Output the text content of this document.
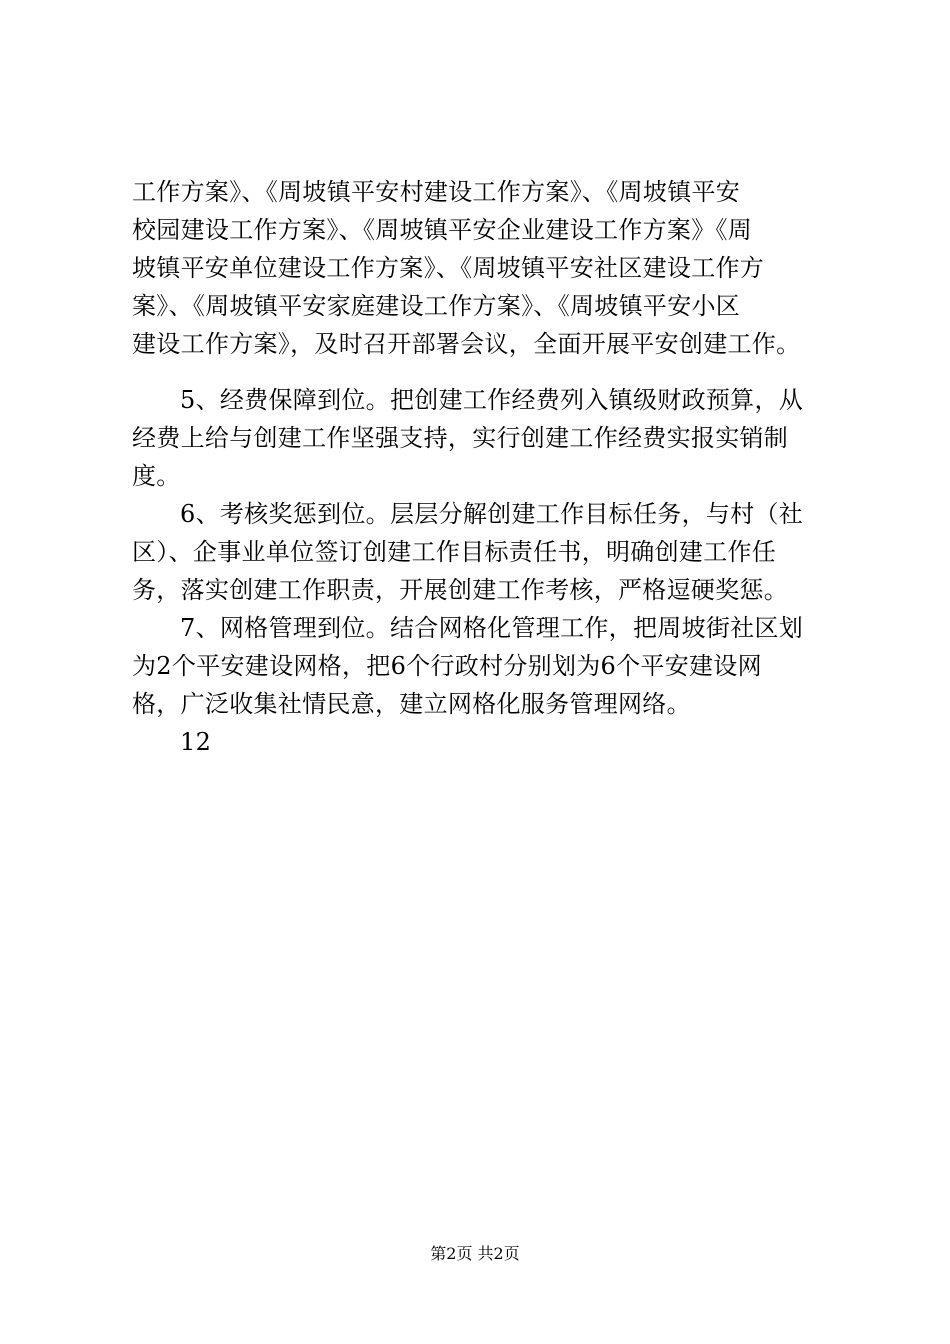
工作方案》、《周坡镇平安村建设工作方案》、《周坡镇平安
校园建设工作方案》、《周坡镇平安企业建设工作方案》《周
坡镇平安单位建设工作方案》、《周坡镇平安社区建设工作方
案》、《周坡镇平安家庭建设工作方案》、《周坡镇平安小区
建设工作方案》，及时召开部署会议，全面开展平安创建工作。
5、经费保障到位。把创建工作经费列入镇级财政预算，从
经费上给与创建工作坚强支持，实行创建工作经费实报实销制
度。
6、考核奖惩到位。层层分解创建工作目标任务，与村（社
区）、企事业单位签订创建工作目标责任书，明确创建工作任
务，落实创建工作职责，开展创建工作考核，严格逗硬奖惩。
7、网格管理到位。结合网格化管理工作，把周坡街社区划
为2个平安建设网格，把6个行政村分别划为6个平安建设网
格，广泛收集社情民意，建立网格化服务管理网络。
12
第2页 共2页
